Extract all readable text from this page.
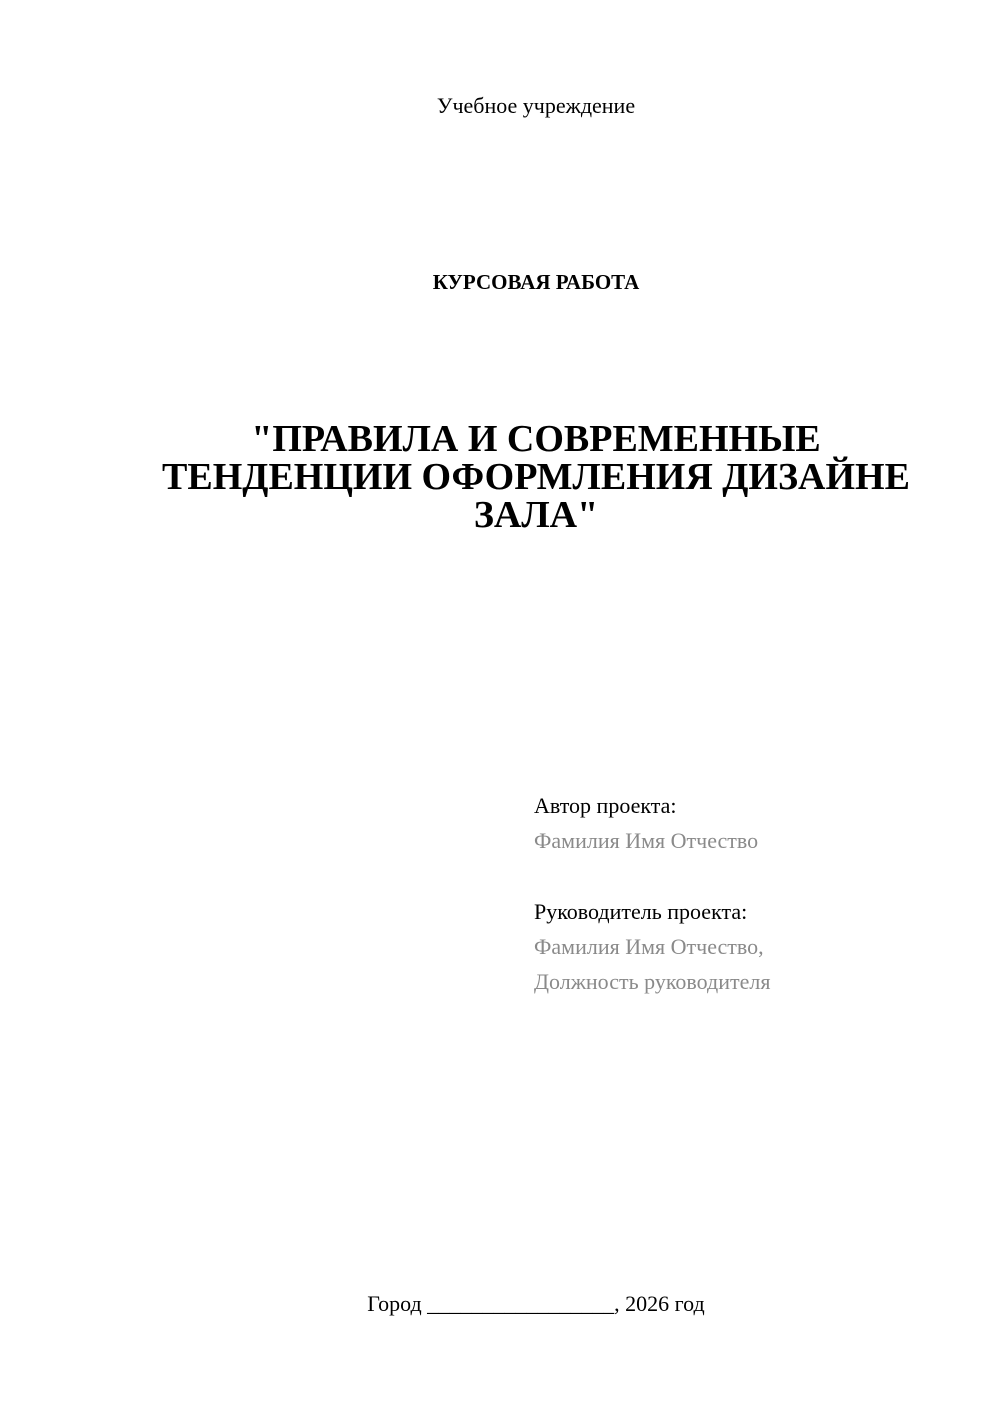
Учебное учреждение
КУРСОВАЯ РАБОТА
"ПРАВИЛА И СОВРЕМЕННЫЕ ТЕНДЕНЦИИ ОФОРМЛЕНИЯ ДИЗАЙНЕ ЗАЛА"
Автор проекта:
Фамилия Имя Отчество
Руководитель проекта:
Фамилия Имя Отчество,
Должность руководителя
Город _________________, 2026 год
